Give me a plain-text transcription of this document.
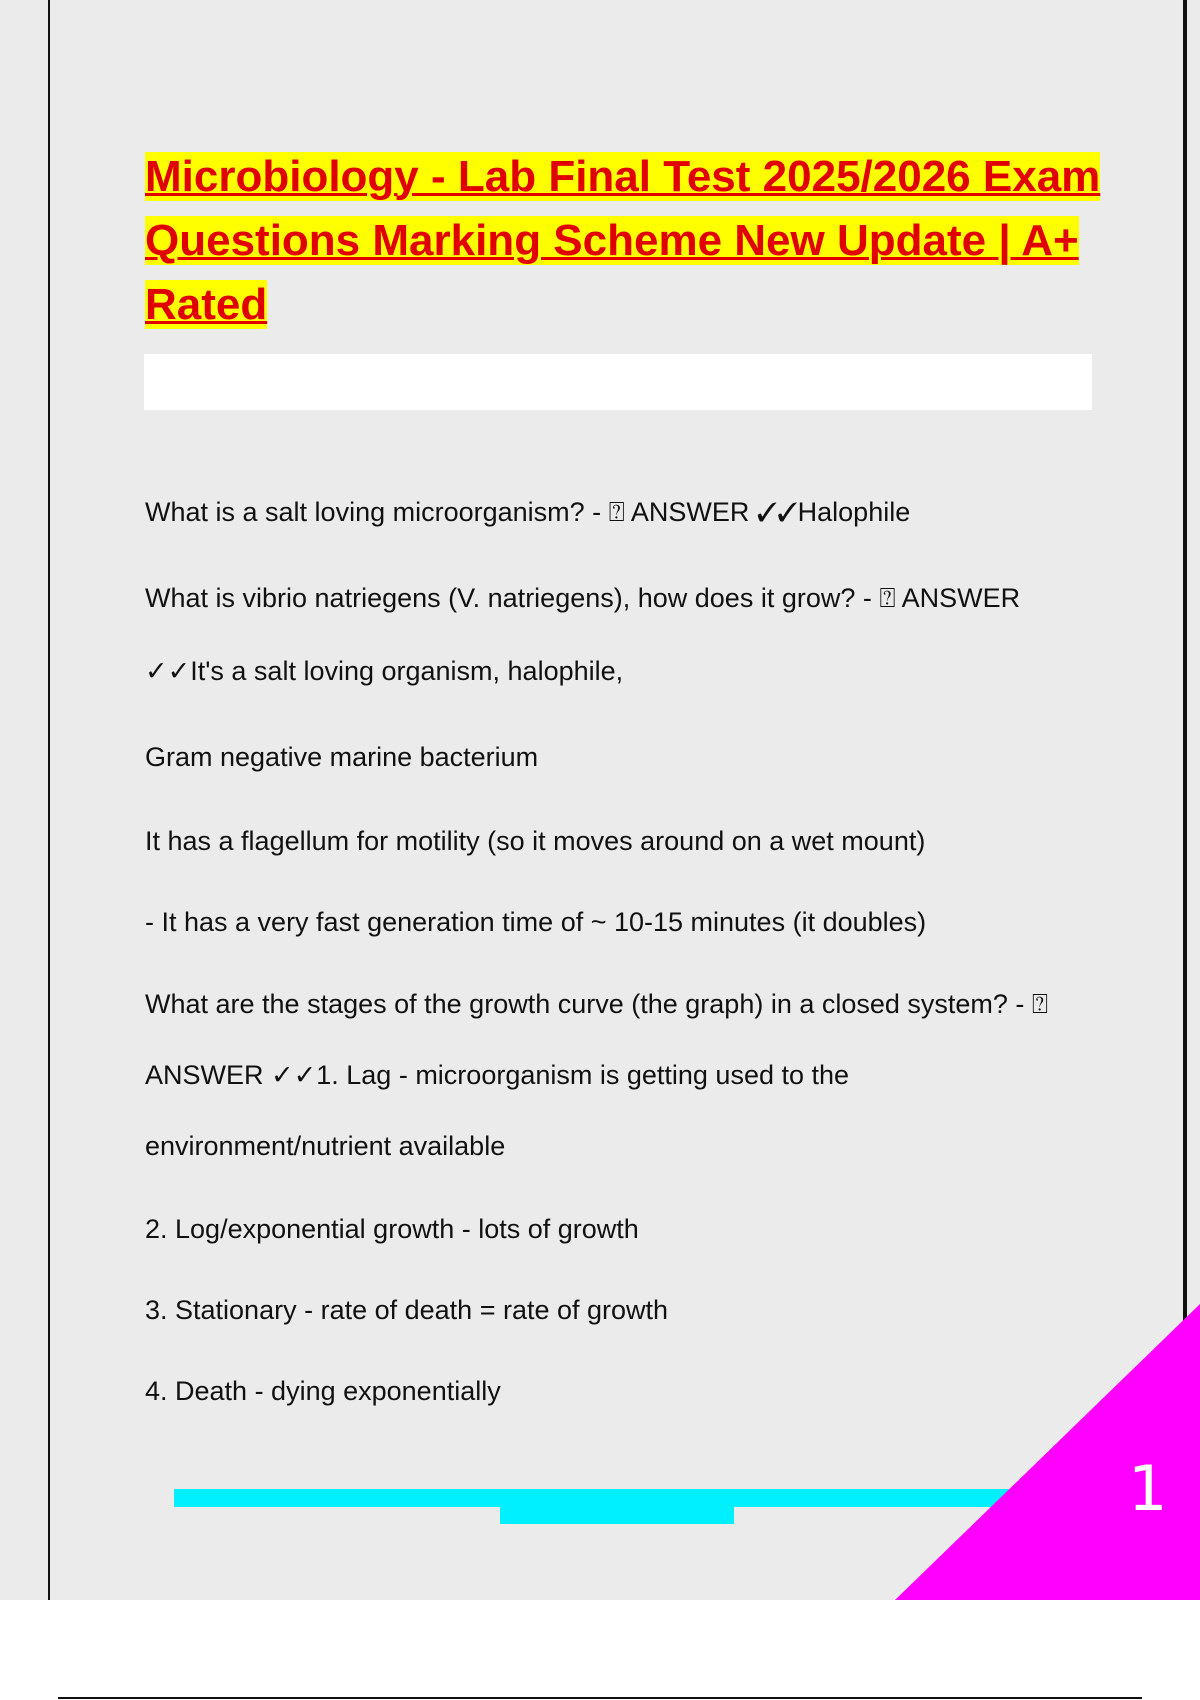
Microbiology - Lab Final Test 2025/2026 Exam Questions Marking Scheme New Update | A+ Rated

What is a salt loving microorganism? - ⍰ ANSWER ✓✓Halophile

What is vibrio natriegens (V. natriegens), how does it grow? - ⍰ ANSWER

✓✓It's a salt loving organism, halophile,

Gram negative marine bacterium

It has a flagellum for motility (so it moves around on a wet mount)

- It has a very fast generation time of ~ 10-15 minutes (it doubles)

What are the stages of the growth curve (the graph) in a closed system? - ⍰

ANSWER ✓✓1. Lag - microorganism is getting used to the

environment/nutrient available

2. Log/exponential growth - lots of growth

3. Stationary - rate of death = rate of growth

4. Death - dying exponentially

1
